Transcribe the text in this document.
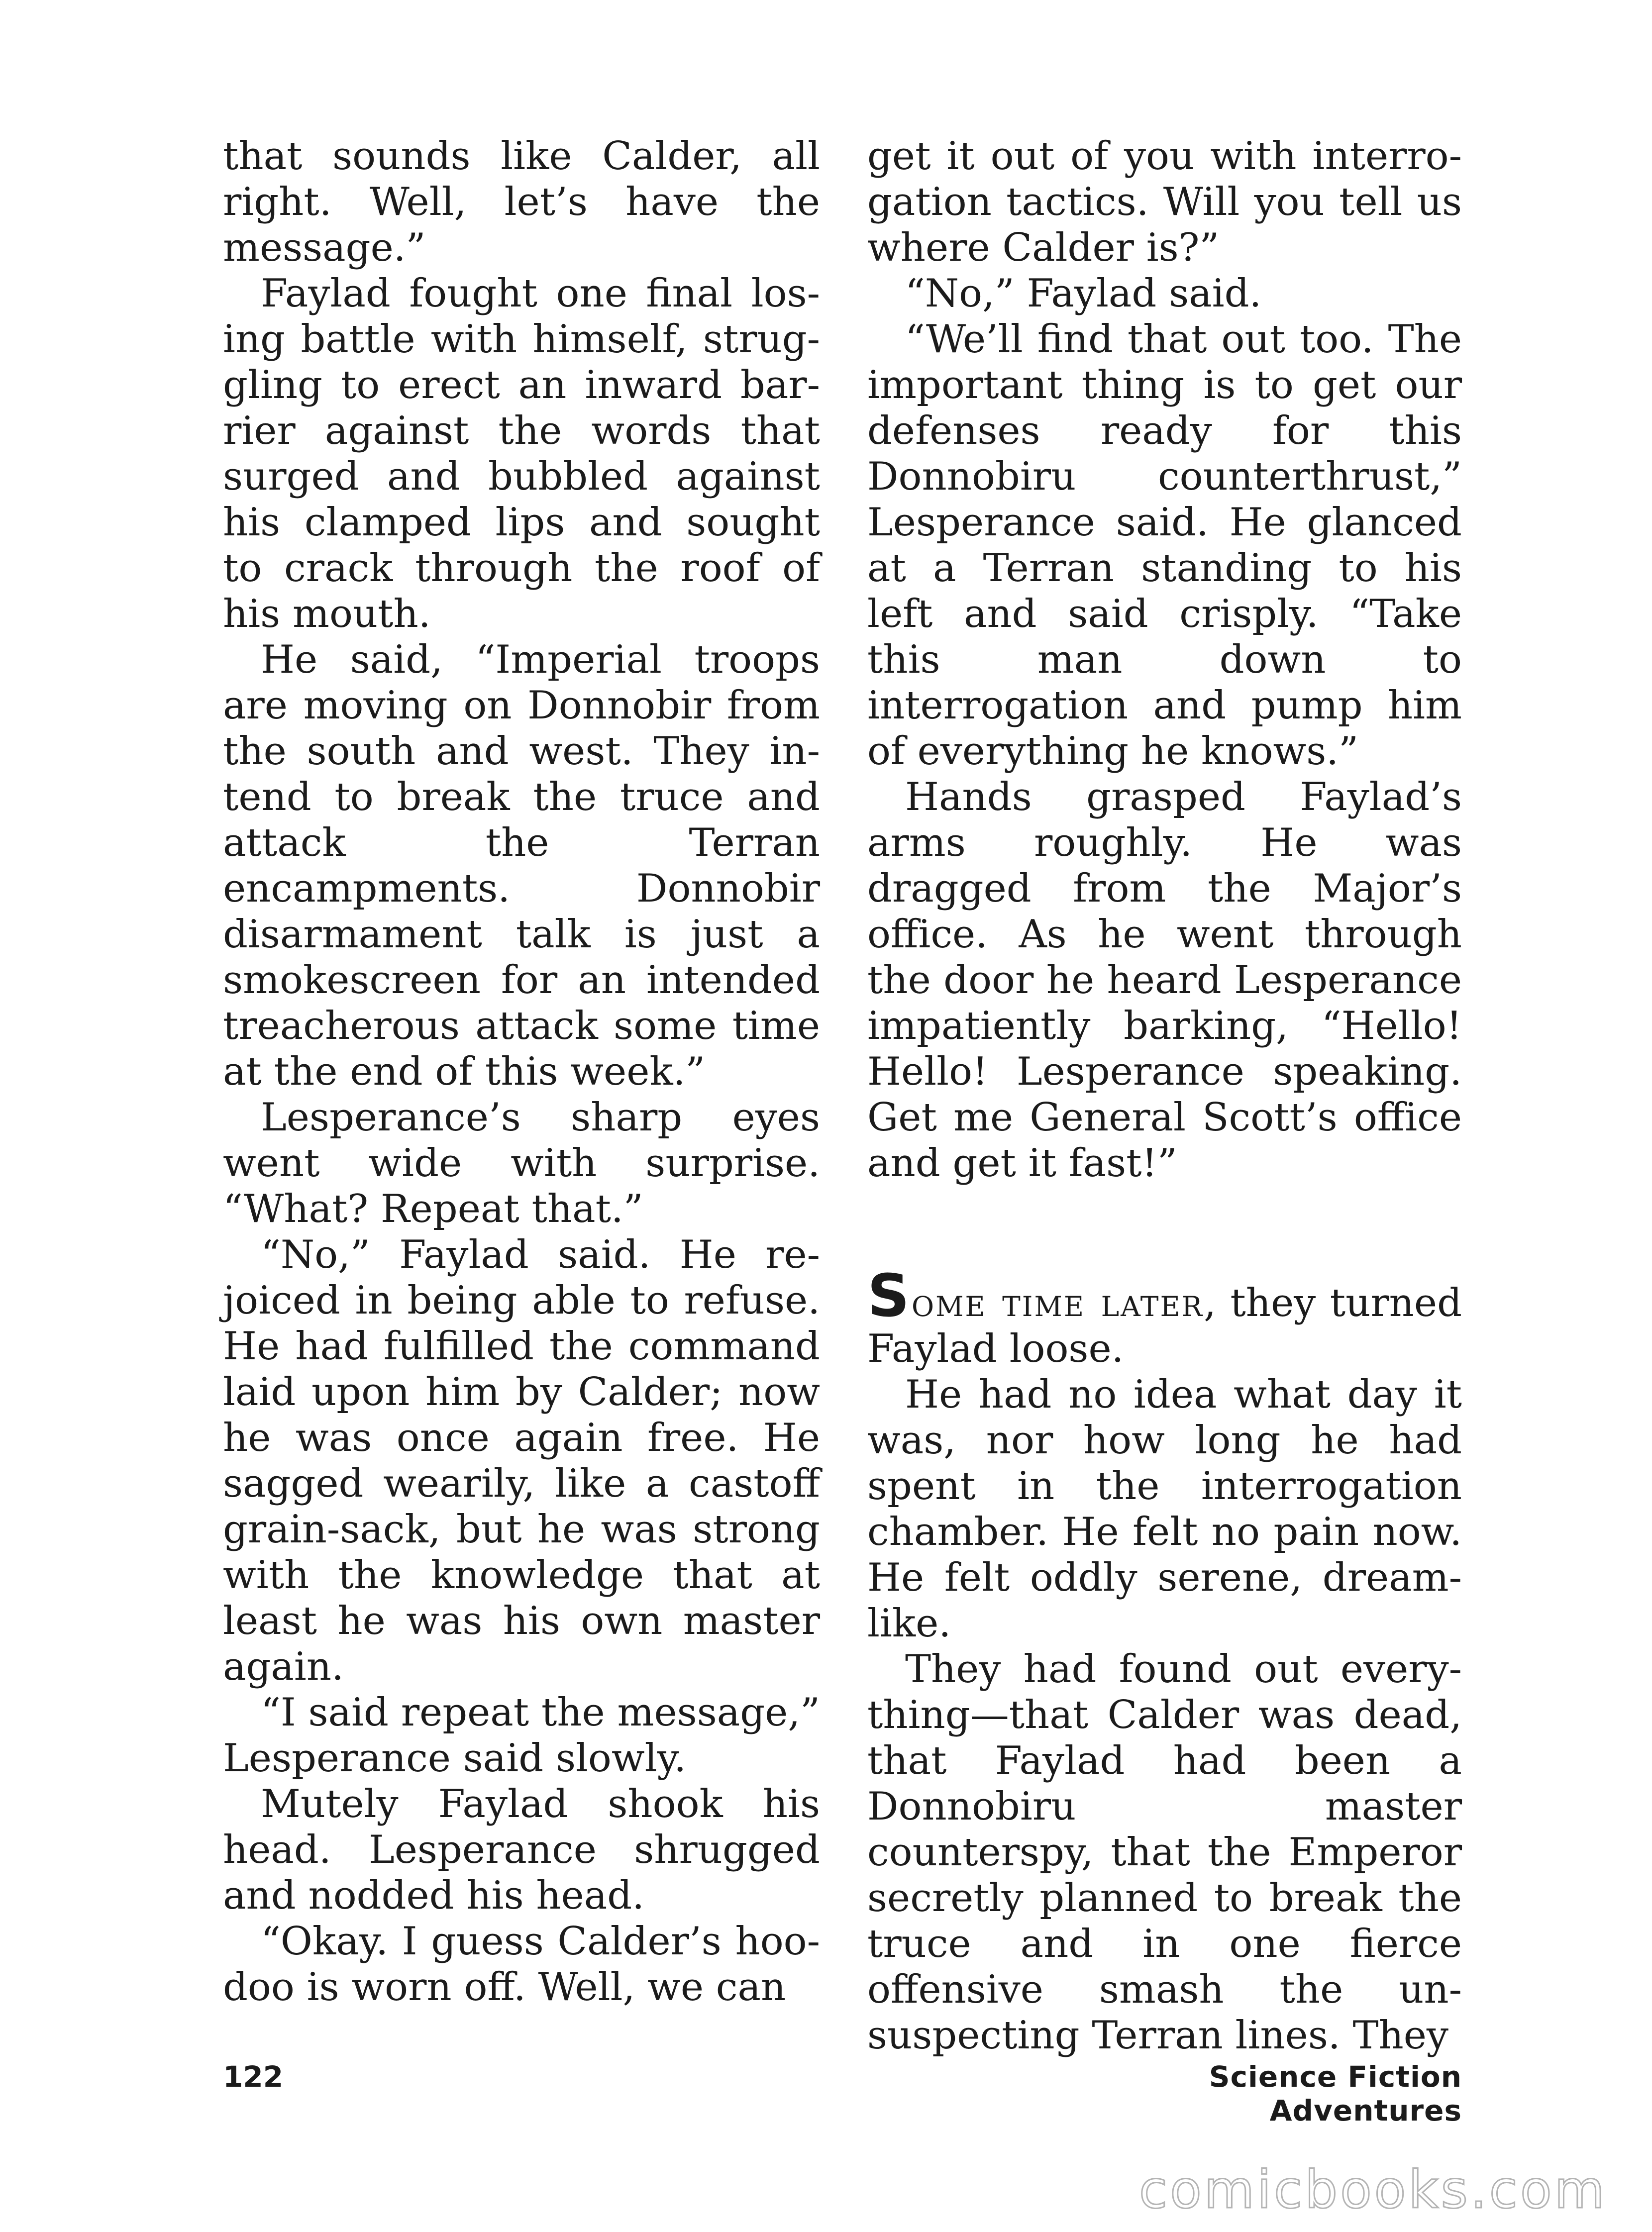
that sounds like Calder, all right. Well, let’s have the message.”

Faylad fought one final losing battle with himself, struggling to erect an inward barrier against the words that surged and bubbled against his clamped lips and sought to crack through the roof of his mouth.

He said, “Imperial troops are moving on Donnobir from the south and west. They intend to break the truce and attack the Terran encampments. Donnobir disarmament talk is just a smokescreen for an intended treacherous attack some time at the end of this week.”

Lesperance’s sharp eyes went wide with surprise. “What? Repeat that.”

“No,” Faylad said. He rejoiced in being able to refuse. He had fulfilled the command laid upon him by Calder; now he was once again free. He sagged wearily, like a castoff grain-sack, but he was strong with the knowledge that at least he was his own master again.

“I said repeat the message,” Lesperance said slowly.

Mutely Faylad shook his head. Lesperance shrugged and nodded his head.

“Okay. I guess Calder’s hoodoo is worn off. Well, we can

get it out of you with interrogation tactics. Will you tell us where Calder is?”

“No,” Faylad said.

“We’ll find that out too. The important thing is to get our defenses ready for this Donnobiru counterthrust,” Lesperance said. He glanced at a Terran standing to his left and said crisply. “Take this man down to interrogation and pump him of everything he knows.”

Hands grasped Faylad’s arms roughly. He was dragged from the Major’s office. As he went through the door he heard Lesperance impatiently barking, “Hello! Hello! Lesperance speaking. Get me General Scott’s office and get it fast!”

Some time later, they turned Faylad loose.

He had no idea what day it was, nor how long he had spent in the interrogation chamber. He felt no pain now. He felt oddly serene, dreamlike.

They had found out everything—that Calder was dead, that Faylad had been a Donnobiru master counterspy, that the Emperor secretly planned to break the truce and in one fierce offensive smash the unsuspecting Terran lines. They

122	Science Fiction Adventures
comicbooks.com
